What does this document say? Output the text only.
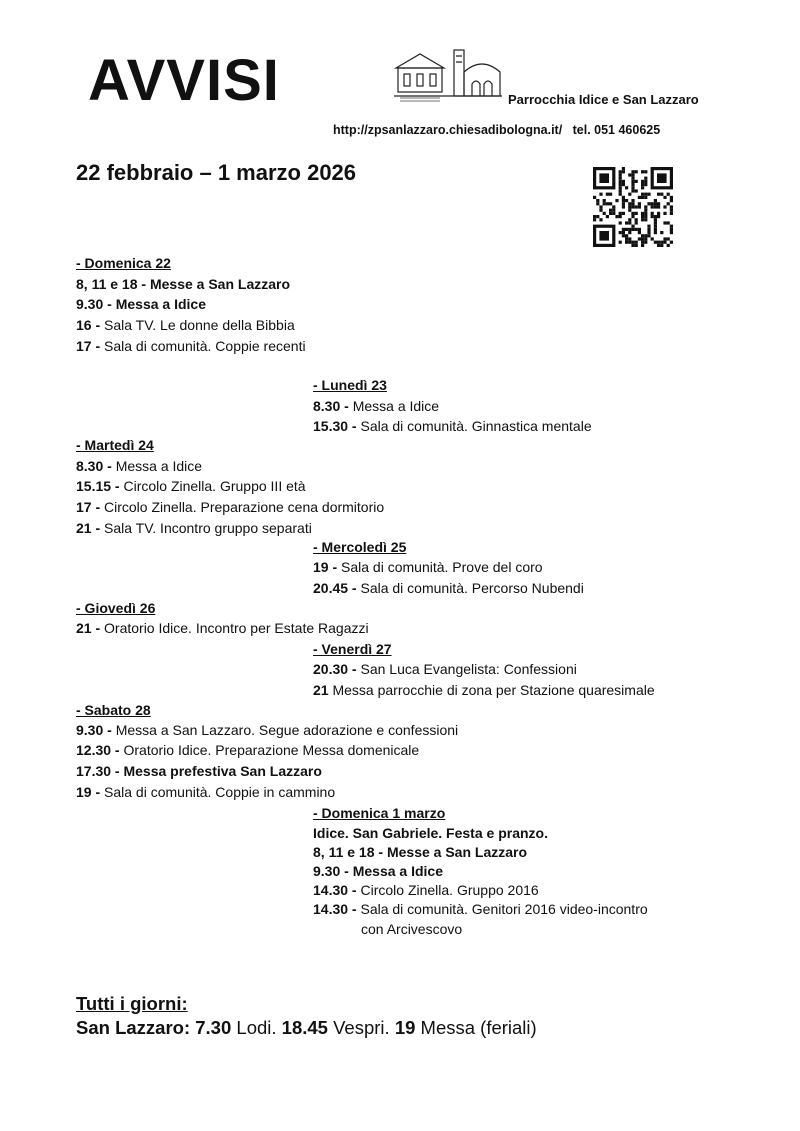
AVVISI	Parrocchia Idice e San Lazzaro
http://zpsanlazzaro.chiesadibologna.it/ tel. 051 460625
22 febbraio – 1 marzo 2026
- Domenica 22
8, 11 e 18 - Messe a San Lazzaro
9.30 - Messa a Idice
16 - Sala TV. Le donne della Bibbia
17 - Sala di comunità. Coppie recenti
- Lunedì 23
8.30 - Messa a Idice
15.30 - Sala di comunità. Ginnastica mentale
- Martedì 24
8.30 - Messa a Idice
15.15 - Circolo Zinella. Gruppo III età
17 - Circolo Zinella. Preparazione cena dormitorio
21 - Sala TV. Incontro gruppo separati
- Mercoledì 25
19 - Sala di comunità. Prove del coro
20.45 - Sala di comunità. Percorso Nubendi
- Giovedì 26
21 - Oratorio Idice. Incontro per Estate Ragazzi
- Venerdì 27
20.30 - San Luca Evangelista: Confessioni
21 Messa parrocchie di zona per Stazione quaresimale
- Sabato 28
9.30 - Messa a San Lazzaro. Segue adorazione e confessioni
12.30 - Oratorio Idice. Preparazione Messa domenicale
17.30 - Messa prefestiva San Lazzaro
19 - Sala di comunità. Coppie in cammino
- Domenica 1 marzo
Idice. San Gabriele. Festa e pranzo.
8, 11 e 18 - Messe a San Lazzaro
9.30 - Messa a Idice
14.30 - Circolo Zinella. Gruppo 2016
14.30 - Sala di comunità. Genitori 2016 video-incontro
con Arcivescovo
Tutti i giorni:
San Lazzaro: 7.30 Lodi. 18.45 Vespri. 19 Messa (feriali)
